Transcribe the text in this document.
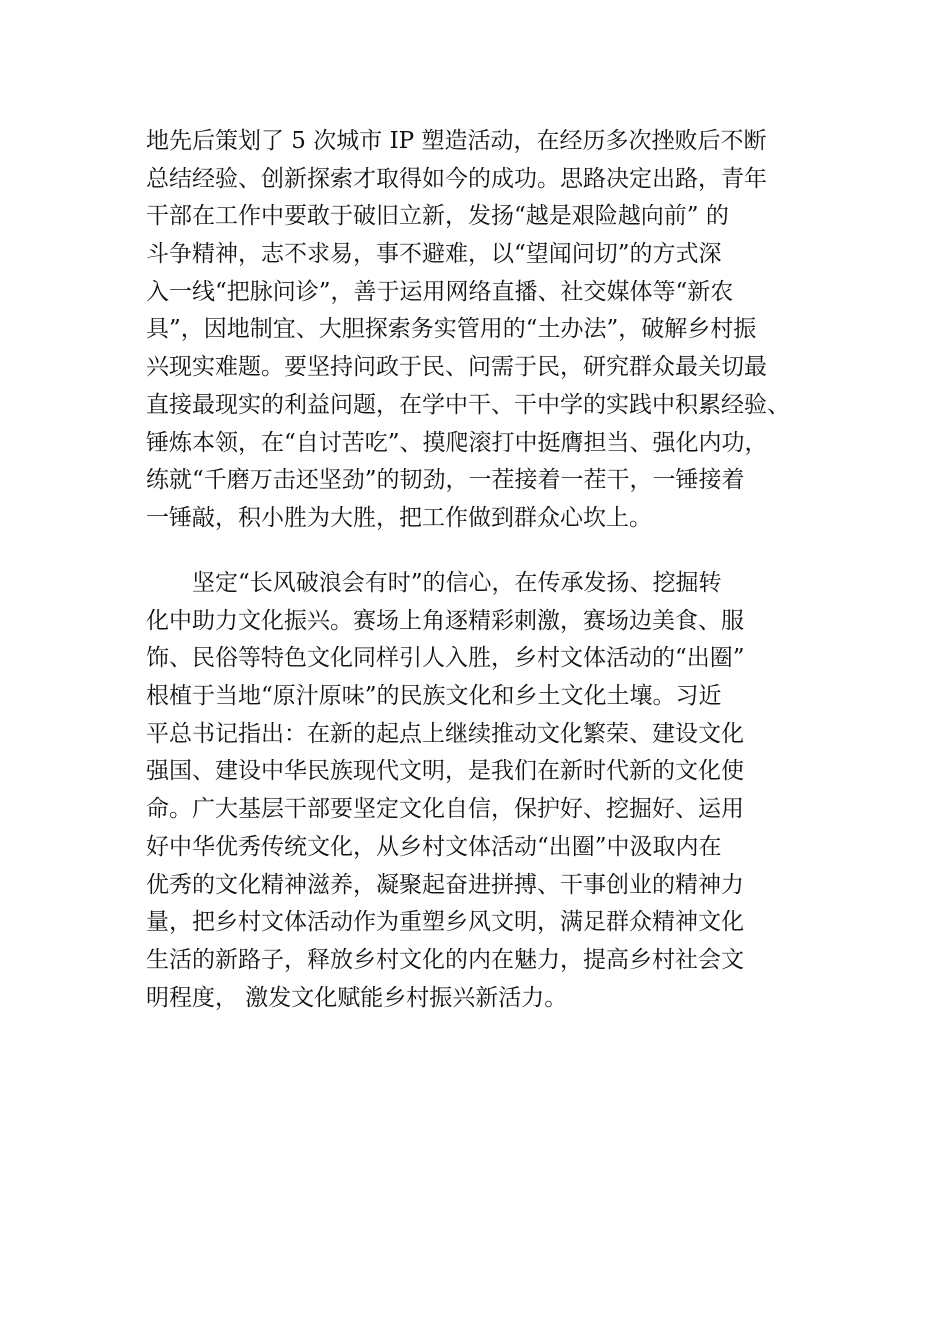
地先后策划了 5 次城市 IP 塑造活动，在经历多次挫败后不断
总结经验、创新探索才取得如今的成功。思路决定出路，青年
干部在工作中要敢于破旧立新，发扬“越是艰险越向前” 的
斗争精神，志不求易，事不避难，以“望闻问切”的方式深
入一线“把脉问诊”，善于运用网络直播、社交媒体等“新农
具”，因地制宜、大胆探索务实管用的“土办法”，破解乡村振
兴现实难题。要坚持问政于民、问需于民，研究群众最关切最
直接最现实的利益问题，在学中干、干中学的实践中积累经验、
锤炼本领，在“自讨苦吃”、摸爬滚打中挺膺担当、强化内功，
练就“千磨万击还坚劲”的韧劲，一茬接着一茬干，一锤接着
一锤敲，积小胜为大胜，把工作做到群众心坎上。
坚定“长风破浪会有时”的信心，在传承发扬、挖掘转
化中助力文化振兴。赛场上角逐精彩刺激，赛场边美食、服
饰、民俗等特色文化同样引人入胜，乡村文体活动的“出圈”
根植于当地“原汁原味”的民族文化和乡土文化土壤。习近
平总书记指出：在新的起点上继续推动文化繁荣、建设文化
强国、建设中华民族现代文明，是我们在新时代新的文化使
命。广大基层干部要坚定文化自信，保护好、挖掘好、运用
好中华优秀传统文化，从乡村文体活动“出圈”中汲取内在
优秀的文化精神滋养，凝聚起奋进拼搏、干事创业的精神力
量，把乡村文体活动作为重塑乡风文明，满足群众精神文化
生活的新路子，释放乡村文化的内在魅力，提高乡村社会文
明程度， 激发文化赋能乡村振兴新活力。
